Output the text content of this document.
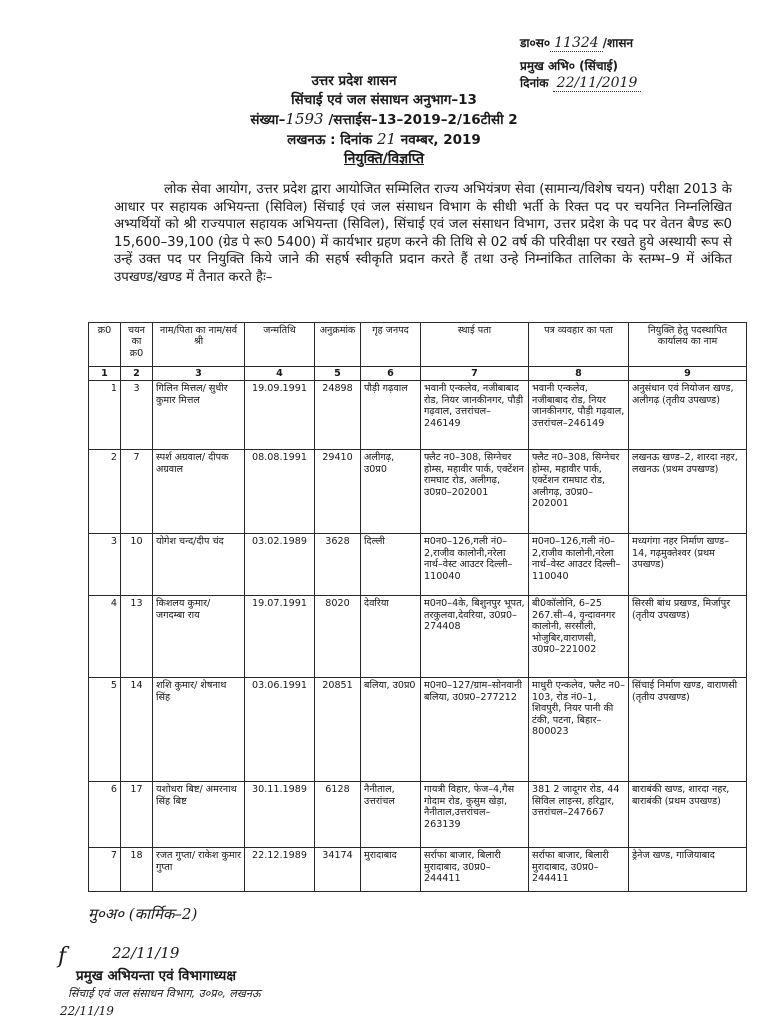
डा०स० 11324 /शासन
प्रमुख अभि० (सिंचाई)
दिनांक 22/11/2019
उत्तर प्रदेश शासन
सिंचाई एवं जल संसाधन अनुभाग–13
संख्या–1593 /सत्ताईस–13–2019–2/16टीसी 2
लखनऊ : दिनांक 21 नवम्बर, 2019
नियुक्ति/विज्ञप्ति

लोक सेवा आयोग, उत्तर प्रदेश द्वारा आयोजित सम्मिलित राज्य अभियंत्रण सेवा (सामान्य/विशेष चयन) परीक्षा 2013 के आधार पर सहायक अभियन्ता (सिविल) सिंचाई एवं जल संसाधन विभाग के सीधी भर्ती के रिक्त पद पर चयनित निम्नलिखित अभ्यर्थियों को श्री राज्यपाल सहायक अभियन्ता (सिविल), सिंचाई एवं जल संसाधन विभाग, उत्तर प्रदेश के पद पर वेतन बैण्ड रू0 15,600–39,100 (ग्रेड पे रू0 5400) में कार्यभार ग्रहण करने की तिथि से 02 वर्ष की परिवीक्षा पर रखते हुये अस्थायी रूप से उन्हें उक्त पद पर नियुक्ति किये जाने की सहर्ष स्वीकृति प्रदान करते हैं तथा उन्हे निम्नांकित तालिका के स्तम्भ–9 में अंकित उपखण्ड/खण्ड में तैनात करते हैः–

क्र0	चयन का क्र0	नाम/पिता का नाम/सर्व श्री	जन्मतिथि	अनुक्रमांक	गृह जनपद	स्थाई पता	पत्र व्यवहार का पता	नियुक्ति हेतु पदस्थापित कार्यालय का नाम
1	2	3	4	5	6	7	8	9
1	3	गिलिन मित्तल/ सुधीर कुमार मित्तल	19.09.1991	24898	पौड़ी गढ़वाल	भवानी एन्कलेव, नजीबाबाद रोड, नियर जानकीनगर, पौड़ी गढ़वाल, उत्तरांचल–246149	भवानी एन्कलेव, नजीबाबाद रोड, नियर जानकीनगर, पौड़ी गढ़वाल, उत्तरांचल–246149	अनुसंधान एवं नियोजन खण्ड, अलीगढ़ (तृतीय उपखण्ड)
2	7	स्पर्श अग्रवाल/ दीपक अग्रवाल	08.08.1991	29410	अलीगढ़, उ0प्र0	फ्लैट न0–308, सिग्नेचर होम्स, महावीर पार्क, एक्टेंशन रामघाट रोड, अलीगढ़, उ0प्र0–202001	फ्लैट न0–308, सिग्नेचर होम्स, महावीर पार्क, एक्टेंशन रामघाट रोड, अलीगढ़, उ0प्र0–202001	लखनऊ खण्ड–2, शारदा नहर, लखनऊ (प्रथम उपखण्ड)
3	10	योगेश चन्द/दीप चंद	03.02.1989	3628	दिल्ली	म0न0–126,गली नं0–2,राजीव कालोनी,नरेला नार्थ–वेस्ट आउटर दिल्ली–110040	म0न0–126,गली नं0–2,राजीव कालोनी,नरेला नार्थ–वेस्ट आउटर दिल्ली–110040	मध्यगंगा नहर निर्माण खण्ड–14, गढ़मुक्तेश्वर (प्रथम उपखण्ड)
4	13	किशलय कुमार/ जगदम्बा राय	19.07.1991	8020	देवरिया	म0न0–4के, बिशुनपुर भूपत, तरकुलवा,देवरिया, उ0प्र0–274408	बी0कॉलोनि, 6–25 267.सी–4, वृन्दावनगर कालोनी, सरसौली, भोजुबिर,वाराणसी, उ0प्र0–221002	सिरसी बांध प्रखण्ड, मिर्जापुर (तृतीय उपखण्ड)
5	14	शशि कुमार/ शेषनाथ सिंह	03.06.1991	20851	बलिया, उ0प्र0	म0न0–127/ग्राम–सोनवानी बलिया, उ0प्र0–277212	माधुरी एन्कलेव, फ्लैट न0–103, रोड नं0–1, शिवपुरी, नियर पानी की टंकी, पटना, बिहार–800023	सिंचाई निर्माण खण्ड, वाराणसी (तृतीय उपखण्ड)
6	17	यशोधरा बिष्ट/ अमरनाथ सिंह बिष्ट	30.11.1989	6128	नैनीताल, उत्तरांचल	गायत्री विहार, फेज–4,गैस गोदाम रोड, कुसुम खेड़ा, नैनीताल,उत्तरांचल–263139	381 2 जादूगर रोड, 44 सिविल लाइन्स, हरिद्वार, उत्तरांचल–247667	बाराबंकी खण्ड, शारदा नहर, बाराबंकी (प्रथम उपखण्ड)
7	18	रजत गुप्ता/ राकेश कुमार गुप्ता	22.12.1989	34174	मुरादाबाद	सर्राफा बाजार, बिलारी मुरादाबाद, उ0प्र0–244411	सर्राफा बाजार, बिलारी मुरादाबाद, उ0प्र0–244411	ड्रेनेज खण्ड, गाजियाबाद
मु०अ० (कार्मिक–2)
f	22/11/19
प्रमुख अभियन्ता एवं विभागाध्यक्ष
सिंचाई एवं जल संसाधन विभाग, उ०प्र०, लखनऊ
22/11/19
